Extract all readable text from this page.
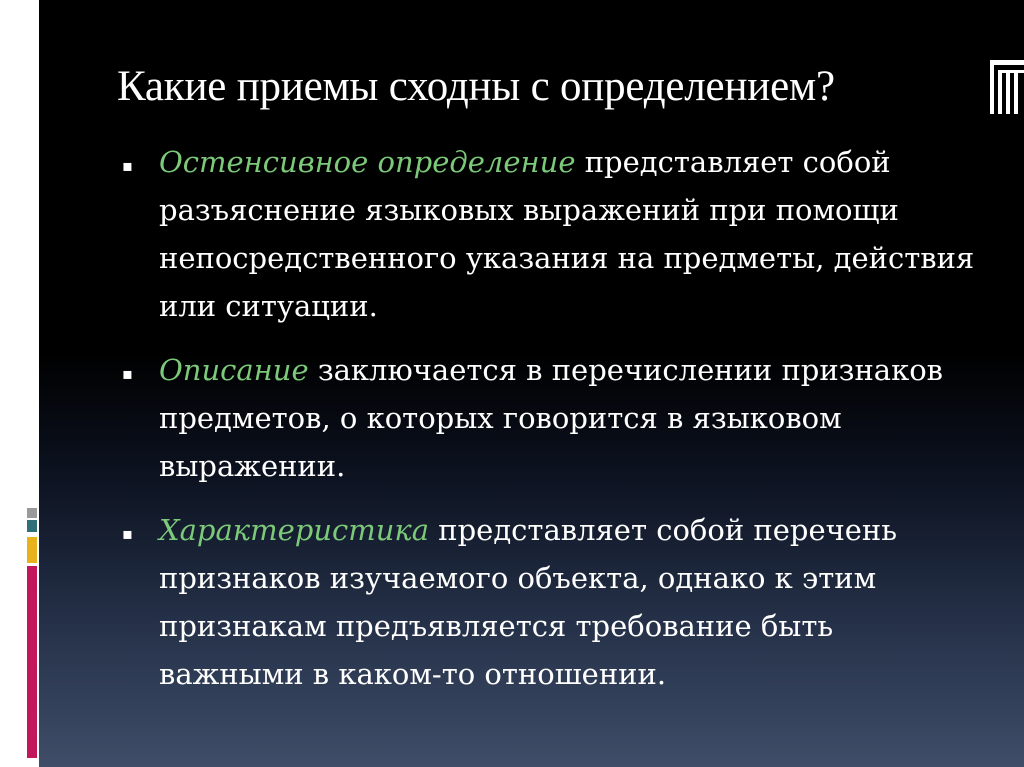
Какие приемы сходны с определением?
▪ Остенсивное определение представляет собой разъяснение языковых выражений при помощи непосредственного указания на предметы, действия или ситуации.
▪ Описание заключается в перечислении признаков предметов, о которых говорится в языковом выражении.
▪ Характеристика представляет собой перечень признаков изучаемого объекта, однако к этим признакам предъявляется требование быть важными в каком-то отношении.
